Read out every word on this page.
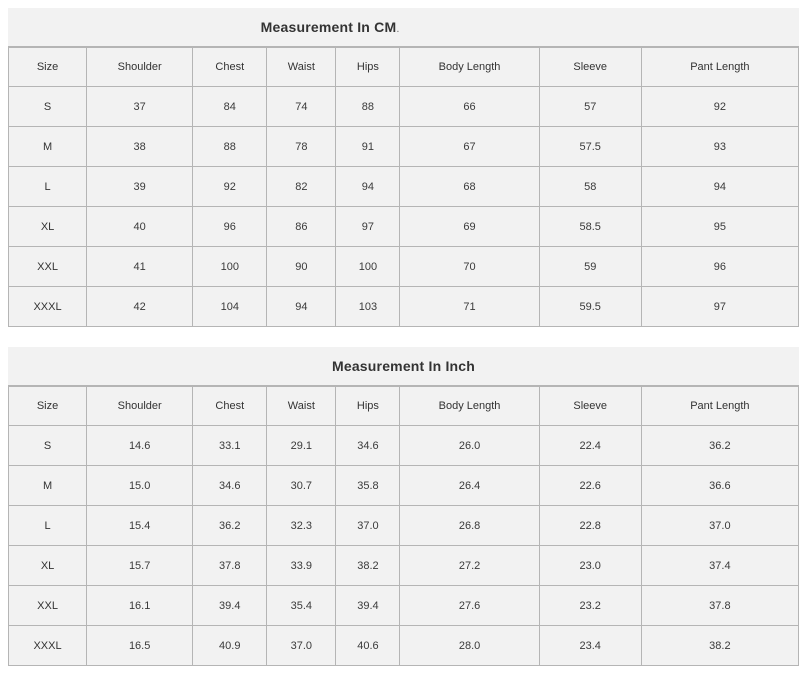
Measurement In CM.
Size	Shoulder	Chest	Waist	Hips	Body Length	Sleeve	Pant Length
S	37	84	74	88	66	57	92
M	38	88	78	91	67	57.5	93
L	39	92	82	94	68	58	94
XL	40	96	86	97	69	58.5	95
XXL	41	100	90	100	70	59	96
XXXL	42	104	94	103	71	59.5	97
Measurement In Inch
Size	Shoulder	Chest	Waist	Hips	Body Length	Sleeve	Pant Length
S	14.6	33.1	29.1	34.6	26.0	22.4	36.2
M	15.0	34.6	30.7	35.8	26.4	22.6	36.6
L	15.4	36.2	32.3	37.0	26.8	22.8	37.0
XL	15.7	37.8	33.9	38.2	27.2	23.0	37.4
XXL	16.1	39.4	35.4	39.4	27.6	23.2	37.8
XXXL	16.5	40.9	37.0	40.6	28.0	23.4	38.2
